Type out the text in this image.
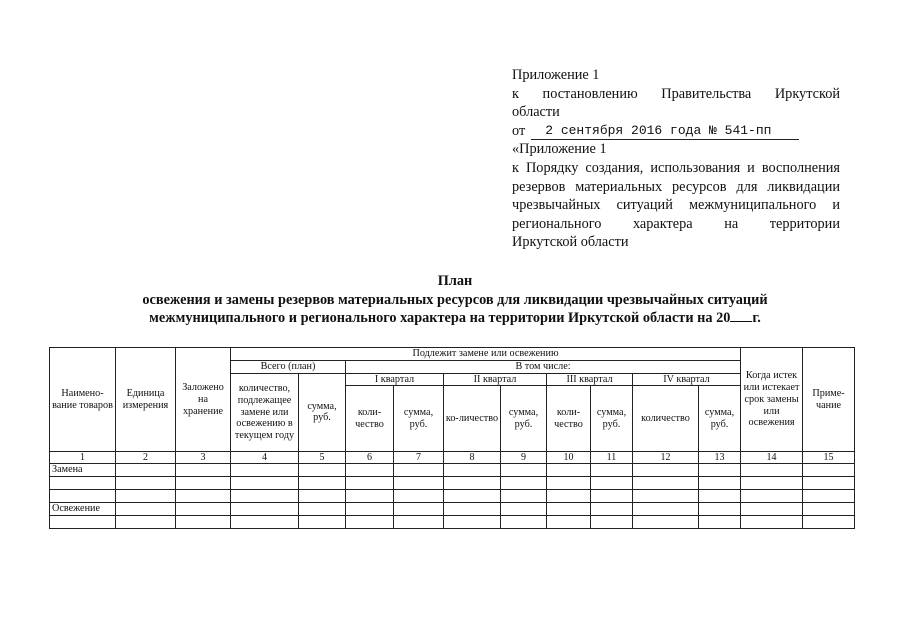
Приложение 1
к постановлению Правительства Иркутской
области
от	2 сентября 2016 года № 541-пп
«Приложение 1
к Порядку создания, использования и восполнения
резервов материальных ресурсов для ликвидации
чрезвычайных ситуаций межмуниципального и
регионального характера на территории
Иркутской области
План
освежения и замены резервов материальных ресурсов для ликвидации чрезвычайных ситуаций
межмуниципального и регионального характера на территории Иркутской области на 20 г.
Наимено-вание товаров	Единица измерения	Заложено на хранение	Подлежит замене или освежению										Когда истек или истекает срок замены или освежения	Приме-чание
			Всего (план)		В том числе:									
			количество, подлежащее замене или освежению в текущем году	сумма, руб.	I квартал		II квартал		III квартал		IV квартал			
					коли-чество	сумма, руб.	ко-личество	сумма, руб.	коли-чество	сумма, руб.	количество	сумма, руб.		
1	2	3	4	5	6	7	8	9	10	11	12	13	14	15
Замена														

Освежение														
